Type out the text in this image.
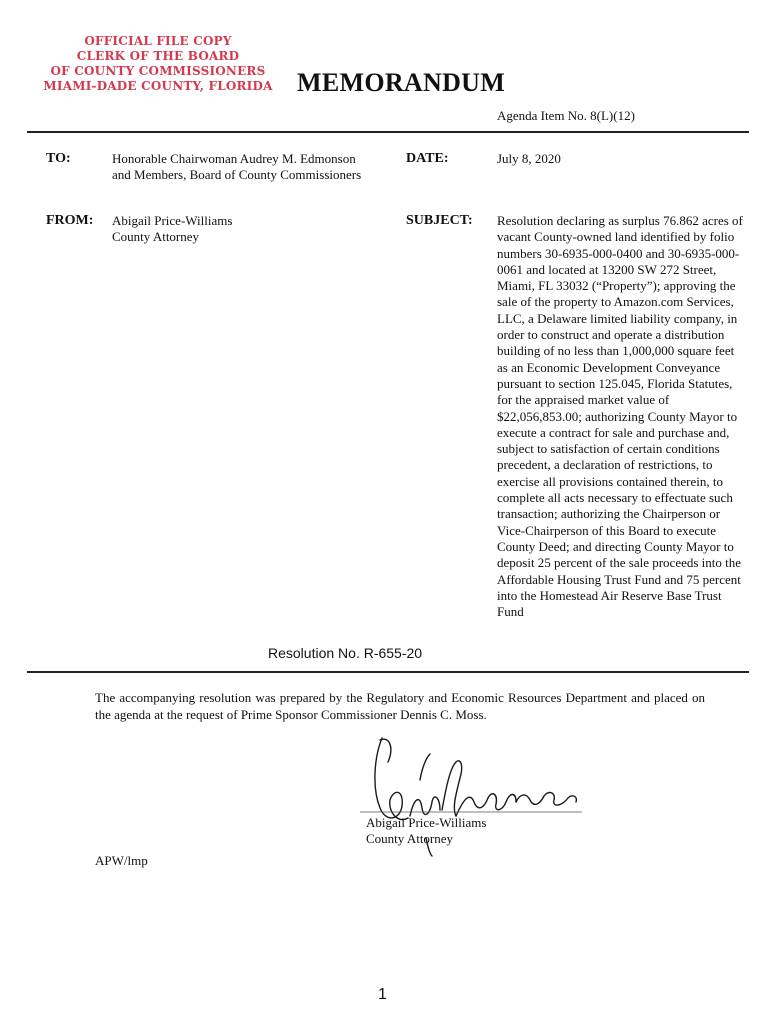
OFFICIAL FILE COPY
CLERK OF THE BOARD
OF COUNTY COMMISSIONERS
MIAMI-DADE COUNTY, FLORIDA MEMORANDUM
Agenda Item No. 8(L)(12)
TO:	Honorable Chairwoman Audrey M. Edmonson
and Members, Board of County Commissioners
DATE:	July 8, 2020
FROM: Abigail Price-Williams
County Attorney
SUBJECT: Resolution declaring as surplus 76.862 acres of vacant County-owned land identified by folio numbers 30-6935-000-0400 and 30-6935-000-0061 and located at 13200 SW 272 Street, Miami, FL 33032 (“Property”); approving the sale of the property to Amazon.com Services, LLC, a Delaware limited liability company, in order to construct and operate a distribution building of no less than 1,000,000 square feet as an Economic Development Conveyance pursuant to section 125.045, Florida Statutes, for the appraised market value of $22,056,853.00; authorizing County Mayor to execute a contract for sale and purchase and, subject to satisfaction of certain conditions precedent, a declaration of restrictions, to exercise all provisions contained therein, to complete all acts necessary to effectuate such transaction; authorizing the Chairperson or Vice-Chairperson of this Board to execute County Deed; and directing County Mayor to deposit 25 percent of the sale proceeds into the Affordable Housing Trust Fund and 75 percent into the Homestead Air Reserve Base Trust Fund
Resolution No. R-655-20
The accompanying resolution was prepared by the Regulatory and Economic Resources Department and placed on the agenda at the request of Prime Sponsor Commissioner Dennis C. Moss.
Abigail Price-Williams
County Attorney
APW/lmp
1
